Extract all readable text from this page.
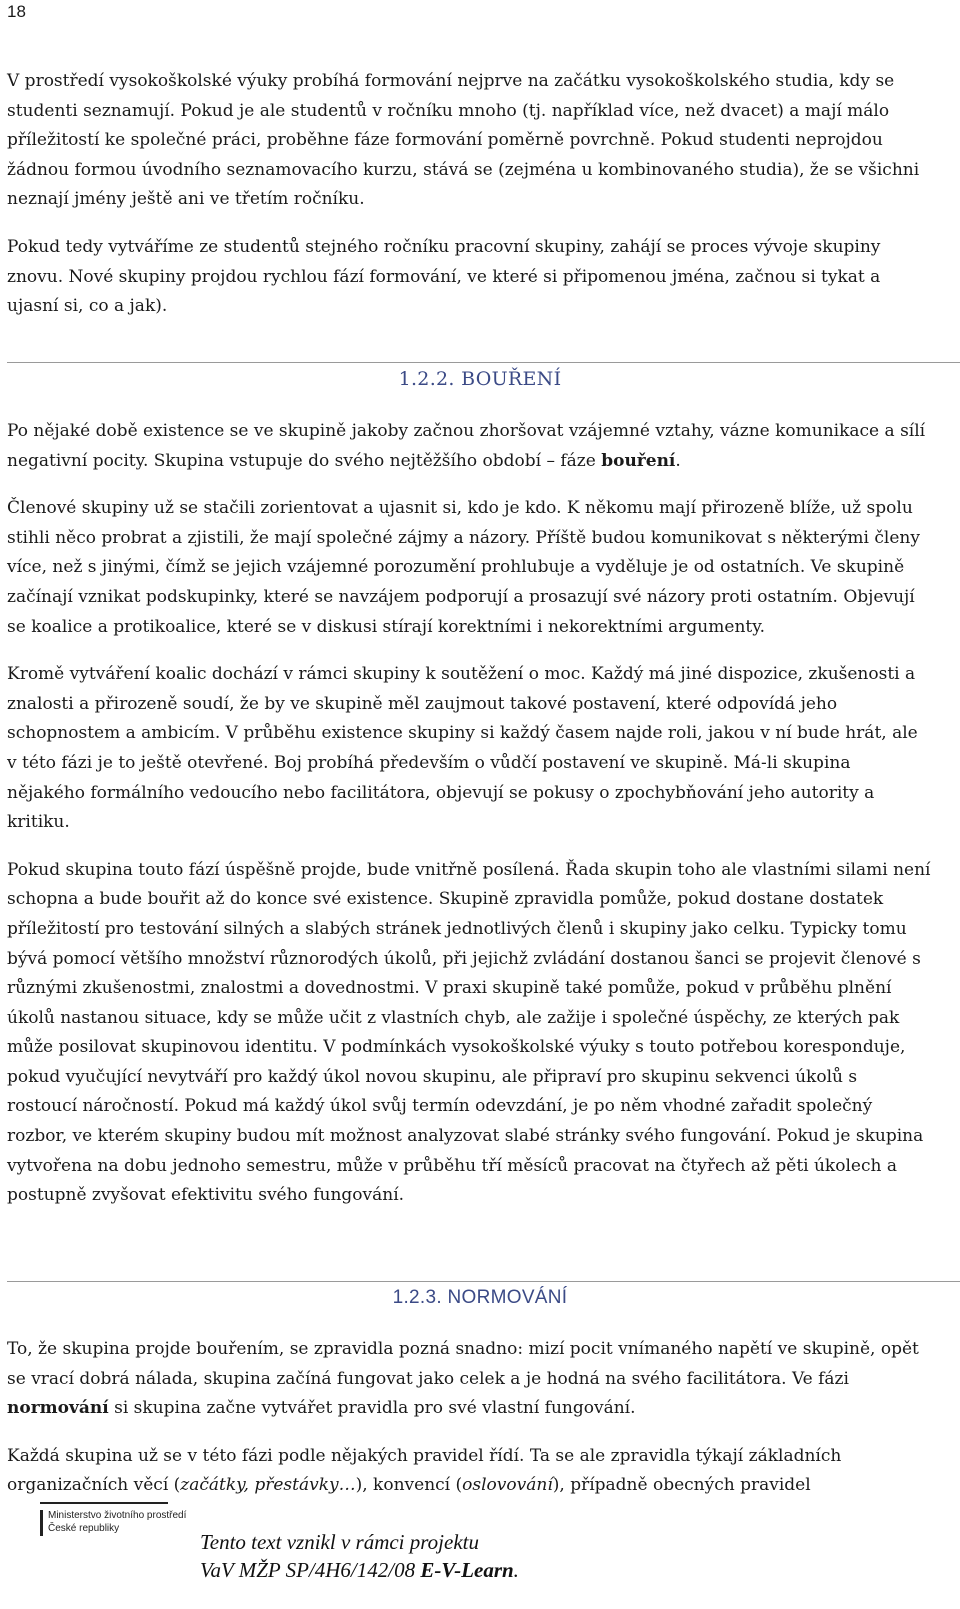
18

V prostředí vysokoškolské výuky probíhá formování nejprve na začátku vysokoškolského studia, kdy se studenti seznamují. Pokud je ale studentů v ročníku mnoho (tj. například více, než dvacet) a mají málo příležitostí ke společné práci, proběhne fáze formování poměrně povrchně. Pokud studenti neprojdou žádnou formou úvodního seznamovacího kurzu, stává se (zejména u kombinovaného studia), že se všichni neznají jmény ještě ani ve třetím ročníku.

Pokud tedy vytváříme ze studentů stejného ročníku pracovní skupiny, zahájí se proces vývoje skupiny znovu. Nové skupiny projdou rychlou fází formování, ve které si připomenou jména, začnou si tykat a ujasní si, co a jak).

1.2.2. BOUŘENÍ

Po nějaké době existence se ve skupině jakoby začnou zhoršovat vzájemné vztahy, vázne komunikace a sílí negativní pocity. Skupina vstupuje do svého nejtěžšího období – fáze bouření.

Členové skupiny už se stačili zorientovat a ujasnit si, kdo je kdo. K někomu mají přirozeně blíže, už spolu stihli něco probrat a zjistili, že mají společné zájmy a názory. Příště budou komunikovat s některými členy více, než s jinými, čímž se jejich vzájemné porozumění prohlubuje a vyděluje je od ostatních. Ve skupině začínají vznikat podskupinky, které se navzájem podporují a prosazují své názory proti ostatním. Objevují se koalice a protikoalice, které se v diskusi stírají korektními i nekorektními argumenty.

Kromě vytváření koalic dochází v rámci skupiny k soutěžení o moc. Každý má jiné dispozice, zkušenosti a znalosti a přirozeně soudí, že by ve skupině měl zaujmout takové postavení, které odpovídá jeho schopnostem a ambicím. V průběhu existence skupiny si každý časem najde roli, jakou v ní bude hrát, ale v této fázi je to ještě otevřené. Boj probíhá především o vůdčí postavení ve skupině. Má-li skupina nějakého formálního vedoucího nebo facilitátora, objevují se pokusy o zpochybňování jeho autority a kritiku.

Pokud skupina touto fází úspěšně projde, bude vnitřně posílená. Řada skupin toho ale vlastními silami není schopna a bude bouřit až do konce své existence. Skupině zpravidla pomůže, pokud dostane dostatek příležitostí pro testování silných a slabých stránek jednotlivých členů i skupiny jako celku. Typicky tomu bývá pomocí většího množství různorodých úkolů, při jejichž zvládání dostanou šanci se projevit členové s různými zkušenostmi, znalostmi a dovednostmi. V praxi skupině také pomůže, pokud v průběhu plnění úkolů nastanou situace, kdy se může učit z vlastních chyb, ale zažije i společné úspěchy, ze kterých pak může posilovat skupinovou identitu. V podmínkách vysokoškolské výuky s touto potřebou koresponduje, pokud vyučující nevytváří pro každý úkol novou skupinu, ale připraví pro skupinu sekvenci úkolů s rostoucí náročností. Pokud má každý úkol svůj termín odevzdání, je po něm vhodné zařadit společný rozbor, ve kterém skupiny budou mít možnost analyzovat slabé stránky svého fungování. Pokud je skupina vytvořena na dobu jednoho semestru, může v průběhu tří měsíců pracovat na čtyřech až pěti úkolech a postupně zvyšovat efektivitu svého fungování.

1.2.3. NORMOVÁNÍ

To, že skupina projde bouřením, se zpravidla pozná snadno: mizí pocit vnímaného napětí ve skupině, opět se vrací dobrá nálada, skupina začíná fungovat jako celek a je hodná na svého facilitátora. Ve fázi normování si skupina začne vytvářet pravidla pro své vlastní fungování.

Každá skupina už se v této fázi podle nějakých pravidel řídí. Ta se ale zpravidla týkají základních organizačních věcí (začátky, přestávky…), konvencí (oslovování), případně obecných pravidel

Ministerstvo životního prostředí
České republiky
Tento text vznikl v rámci projektu
VaV MŽP SP/4H6/142/08 E-V-Learn.
